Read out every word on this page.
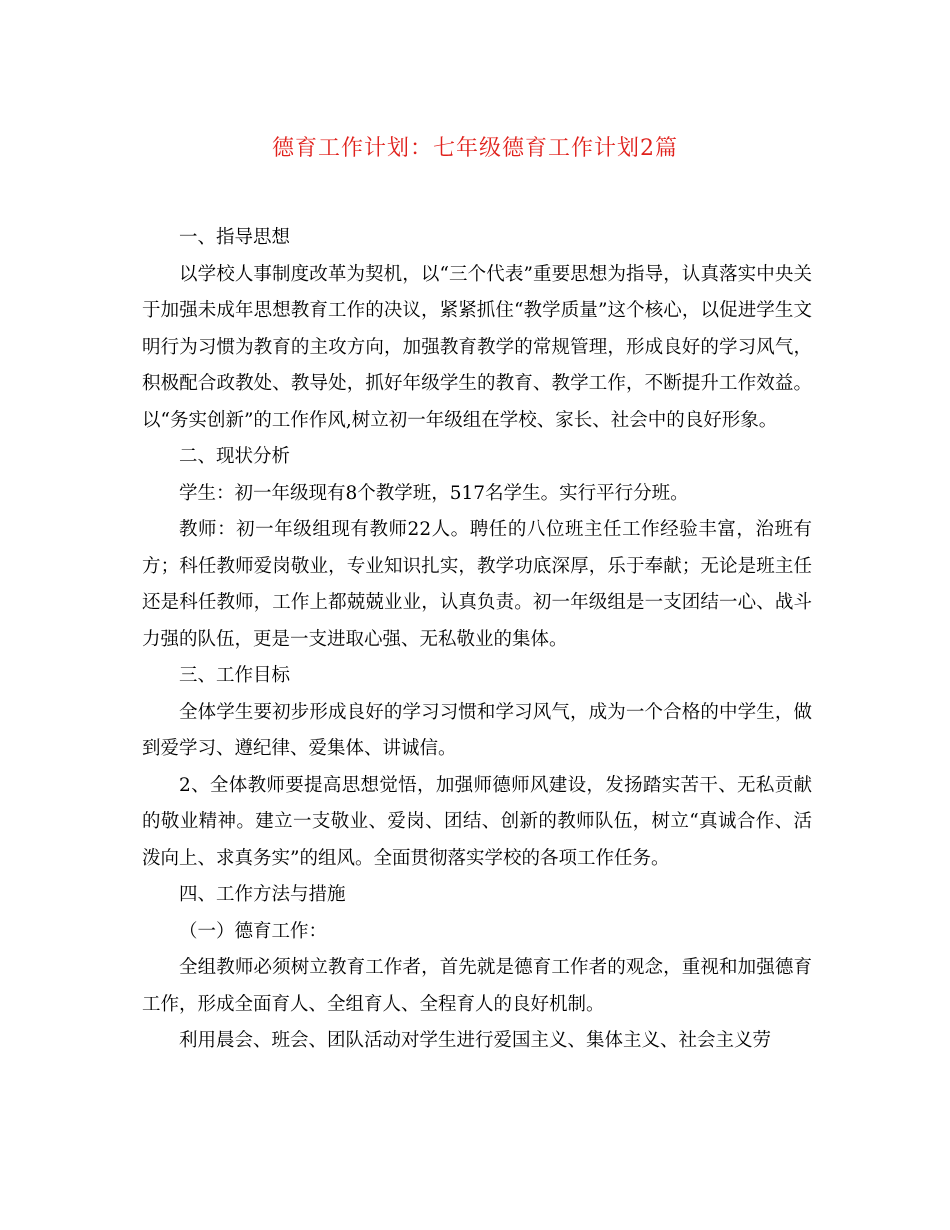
德育工作计划：七年级德育工作计划2篇

一、指导思想

以学校人事制度改革为契机，以“三个代表”重要思想为指导，认真落实中央关于加强未成年思想教育工作的决议，紧紧抓住“教学质量”这个核心，以促进学生文明行为习惯为教育的主攻方向，加强教育教学的常规管理，形成良好的学习风气，积极配合政教处、教导处，抓好年级学生的教育、教学工作，不断提升工作效益。以“务实创新”的工作作风,树立初一年级组在学校、家长、社会中的良好形象。

二、现状分析

学生：初一年级现有8个教学班，517名学生。实行平行分班。

教师：初一年级组现有教师22人。聘任的八位班主任工作经验丰富，治班有方；科任教师爱岗敬业，专业知识扎实，教学功底深厚，乐于奉献；无论是班主任还是科任教师，工作上都兢兢业业，认真负责。初一年级组是一支团结一心、战斗力强的队伍，更是一支进取心强、无私敬业的集体。

三、工作目标

全体学生要初步形成良好的学习习惯和学习风气，成为一个合格的中学生，做到爱学习、遵纪律、爱集体、讲诚信。

2、全体教师要提高思想觉悟，加强师德师风建设，发扬踏实苦干、无私贡献的敬业精神。建立一支敬业、爱岗、团结、创新的教师队伍，树立“真诚合作、活泼向上、求真务实”的组风。全面贯彻落实学校的各项工作任务。

四、工作方法与措施

（一）德育工作：

全组教师必须树立教育工作者，首先就是德育工作者的观念，重视和加强德育工作，形成全面育人、全组育人、全程育人的良好机制。

利用晨会、班会、团队活动对学生进行爱国主义、集体主义、社会主义劳
